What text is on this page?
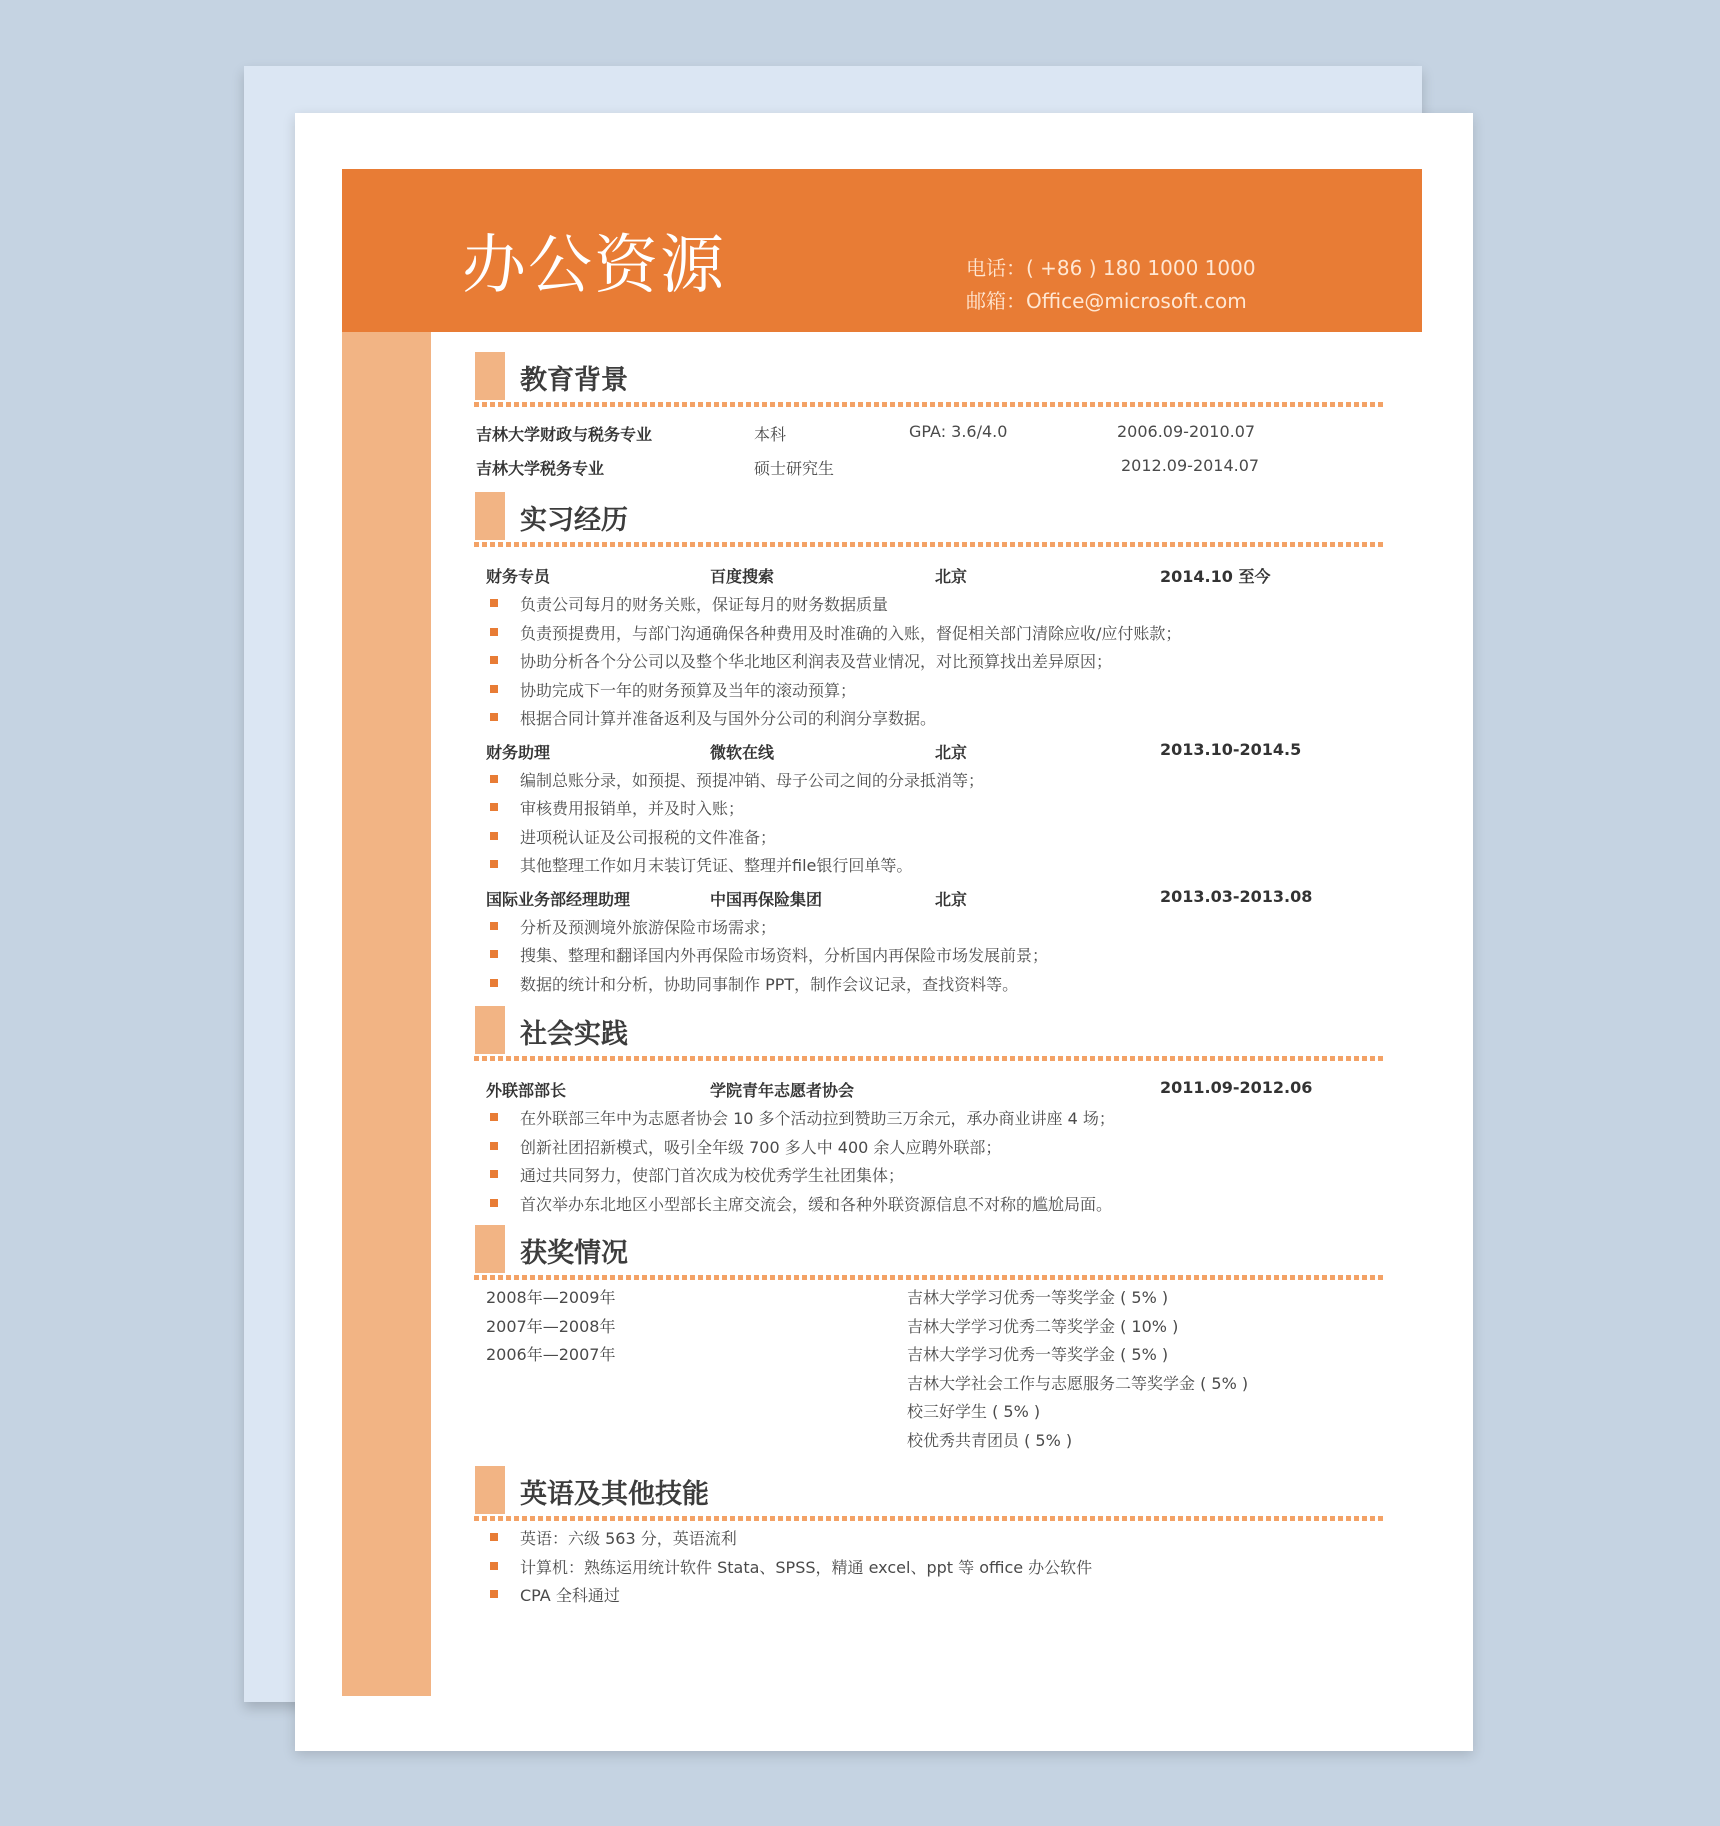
办公资源	电话：( +86 ) 180 1000 1000
邮箱：Office@microsoft.com
教育背景
吉林大学财政与税务专业	本科	GPA: 3.6/4.0	2006.09-2010.07
吉林大学税务专业	硕士研究生	2012.09-2014.07
实习经历
财务专员	百度搜索	北京	2014.10 至今
负责公司每月的财务关账，保证每月的财务数据质量
负责预提费用，与部门沟通确保各种费用及时准确的入账，督促相关部门清除应收/应付账款；
协助分析各个分公司以及整个华北地区利润表及营业情况，对比预算找出差异原因；
协助完成下一年的财务预算及当年的滚动预算；
根据合同计算并准备返利及与国外分公司的利润分享数据。
财务助理	微软在线	北京	2013.10-2014.5
编制总账分录，如预提、预提冲销、母子公司之间的分录抵消等；
审核费用报销单，并及时入账；
进项税认证及公司报税的文件准备；
其他整理工作如月末装订凭证、整理并file银行回单等。
国际业务部经理助理	中国再保险集团	北京	2013.03-2013.08
分析及预测境外旅游保险市场需求；
搜集、整理和翻译国内外再保险市场资料，分析国内再保险市场发展前景；
数据的统计和分析，协助同事制作 PPT，制作会议记录，查找资料等。
社会实践
外联部部长	学院青年志愿者协会	2011.09-2012.06
在外联部三年中为志愿者协会 10 多个活动拉到赞助三万余元，承办商业讲座 4 场；
创新社团招新模式，吸引全年级 700 多人中 400 余人应聘外联部；
通过共同努力，使部门首次成为校优秀学生社团集体；
首次举办东北地区小型部长主席交流会，缓和各种外联资源信息不对称的尴尬局面。
获奖情况
2008年—2009年	吉林大学学习优秀一等奖学金 ( 5% )
2007年—2008年	吉林大学学习优秀二等奖学金 ( 10% )
2006年—2007年	吉林大学学习优秀一等奖学金 ( 5% )
吉林大学社会工作与志愿服务二等奖学金 ( 5% )
校三好学生 ( 5% )
校优秀共青团员 ( 5% )
英语及其他技能
英语：六级 563 分，英语流利
计算机：熟练运用统计软件 Stata、SPSS，精通 excel、ppt 等 office 办公软件
CPA 全科通过
